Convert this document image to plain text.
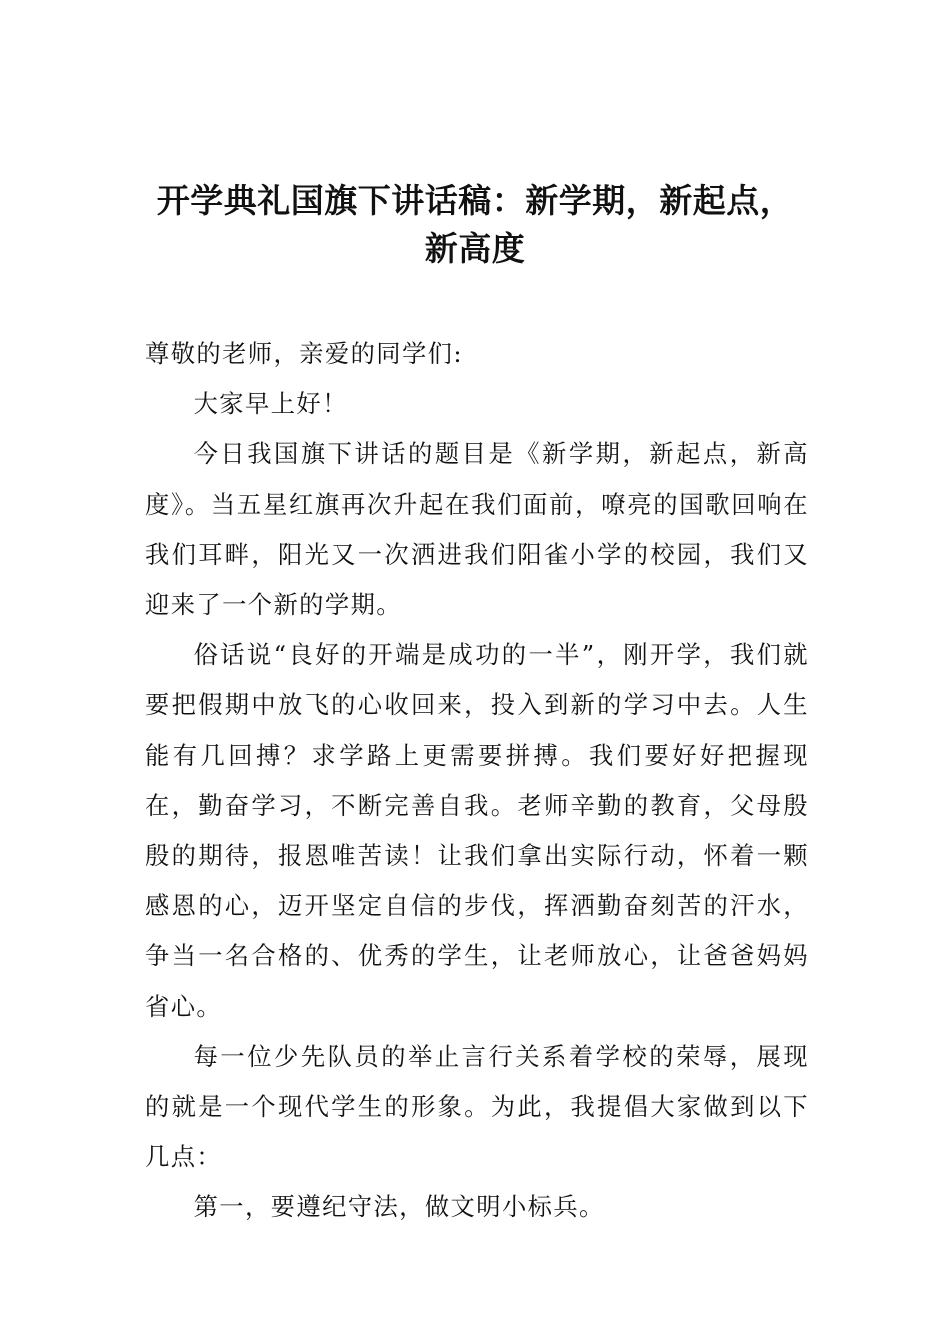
开学典礼国旗下讲话稿：新学期，新起点，
新高度

尊敬的老师，亲爱的同学们:

大家早上好！

今日我国旗下讲话的题目是《新学期，新起点，新高度》。当五星红旗再次升起在我们面前，嘹亮的国歌回响在我们耳畔，阳光又一次洒进我们阳雀小学的校园，我们又迎来了一个新的学期。

俗话说“良好的开端是成功的一半”，刚开学，我们就要把假期中放飞的心收回来，投入到新的学习中去。人生能有几回搏？求学路上更需要拼搏。我们要好好把握现在，勤奋学习，不断完善自我。老师辛勤的教育，父母殷殷的期待，报恩唯苦读！让我们拿出实际行动，怀着一颗感恩的心，迈开坚定自信的步伐，挥洒勤奋刻苦的汗水，争当一名合格的、优秀的学生，让老师放心，让爸爸妈妈省心。

每一位少先队员的举止言行关系着学校的荣辱，展现的就是一个现代学生的形象。为此，我提倡大家做到以下几点：

第一，要遵纪守法，做文明小标兵。
